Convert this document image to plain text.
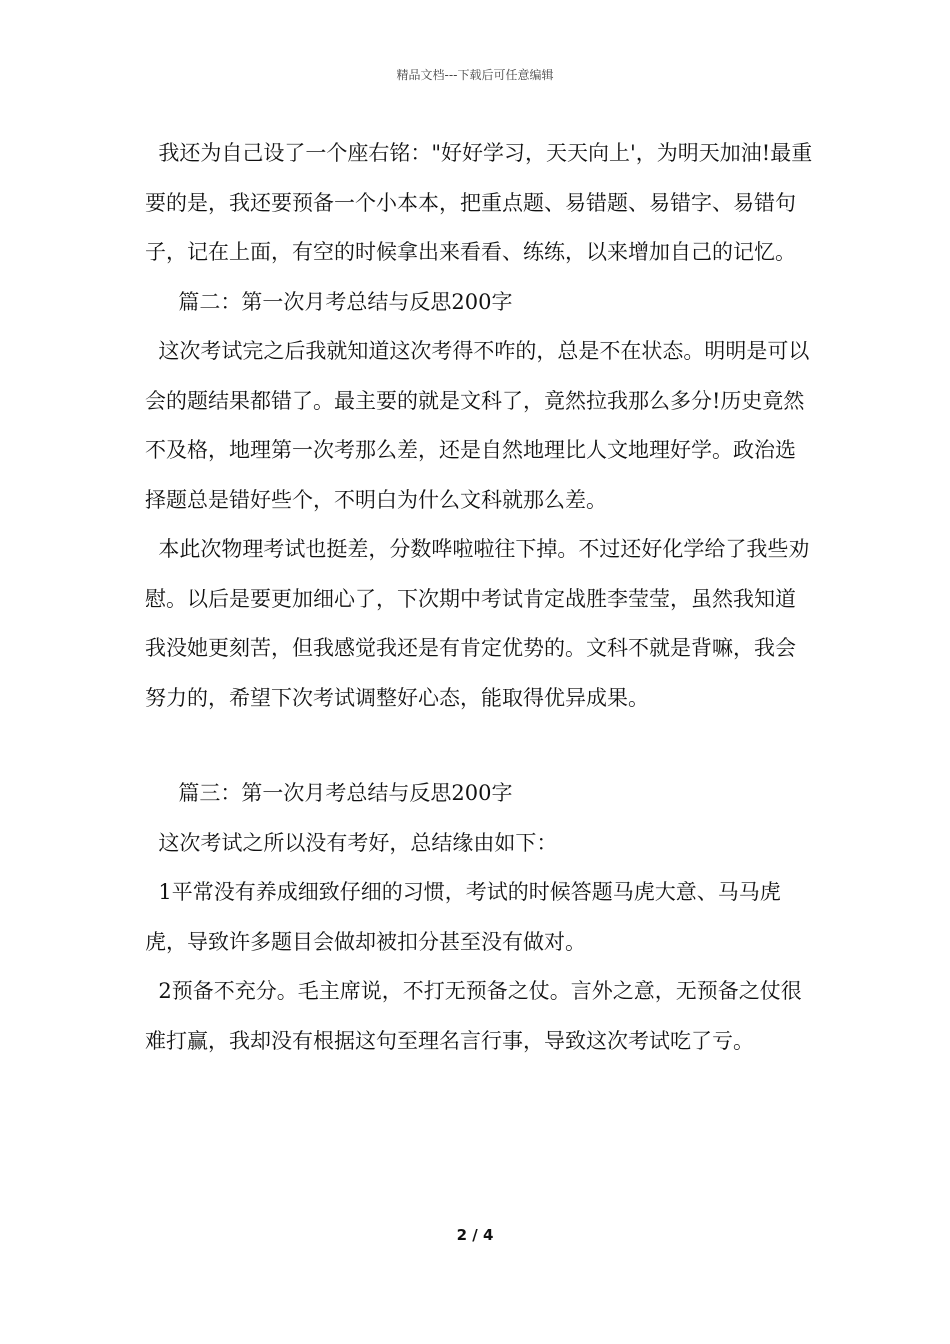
精品文档---下载后可任意编辑

我还为自己设了一个座右铭："好好学习，天天向上'，为明天加油!最重要的是，我还要预备一个小本本，把重点题、易错题、易错字、易错句子，记在上面，有空的时候拿出来看看、练练，以来增加自己的记忆。

篇二：第一次月考总结与反思200字

这次考试完之后我就知道这次考得不咋的，总是不在状态。明明是可以会的题结果都错了。最主要的就是文科了，竟然拉我那么多分!历史竟然不及格，地理第一次考那么差，还是自然地理比人文地理好学。政治选择题总是错好些个，不明白为什么文科就那么差。

本此次物理考试也挺差，分数哗啦啦往下掉。不过还好化学给了我些劝慰。以后是要更加细心了，下次期中考试肯定战胜李莹莹，虽然我知道我没她更刻苦，但我感觉我还是有肯定优势的。文科不就是背嘛，我会努力的，希望下次考试调整好心态，能取得优异成果。

篇三：第一次月考总结与反思200字

这次考试之所以没有考好，总结缘由如下：

1平常没有养成细致仔细的习惯，考试的时候答题马虎大意、马马虎虎，导致许多题目会做却被扣分甚至没有做对。

2预备不充分。毛主席说，不打无预备之仗。言外之意，无预备之仗很难打赢，我却没有根据这句至理名言行事，导致这次考试吃了亏。

2 / 4
